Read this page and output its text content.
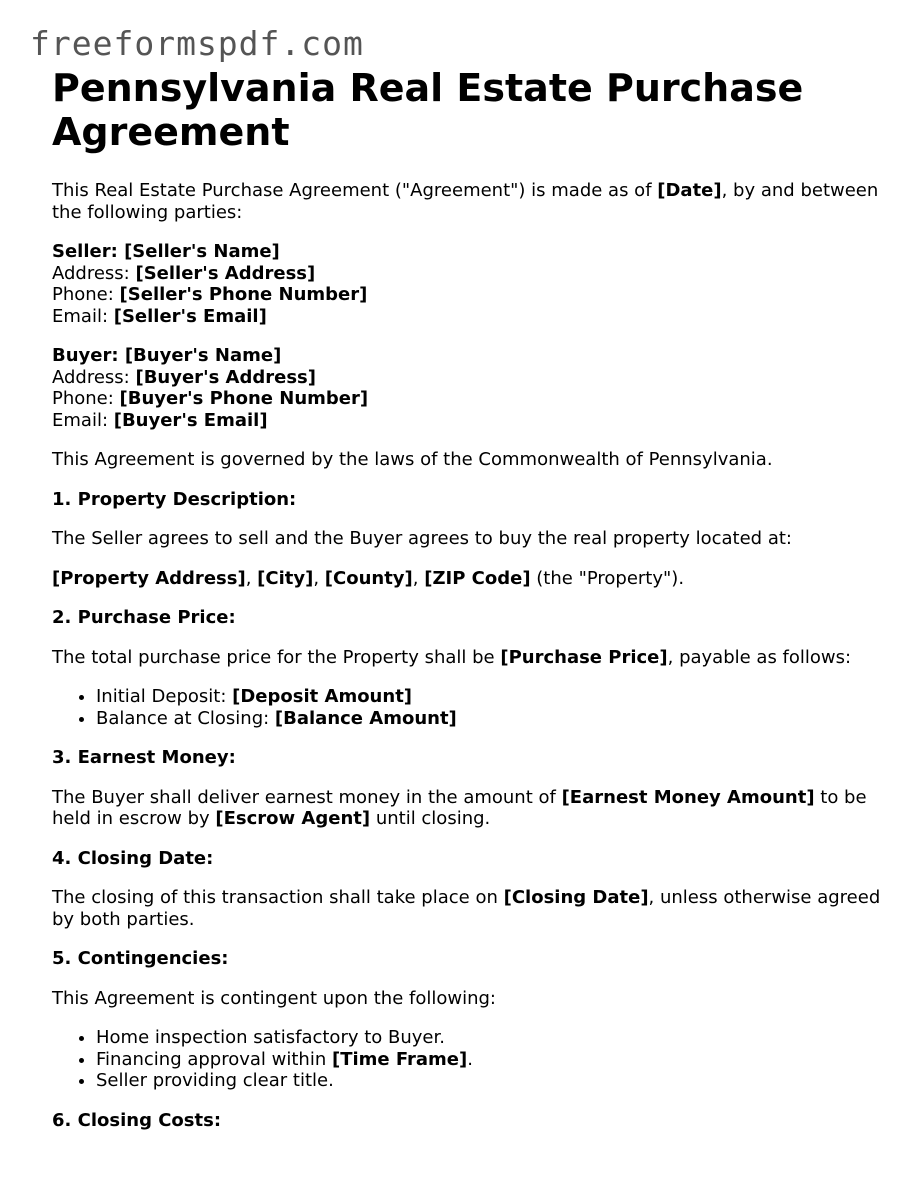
freeformspdf.com
Pennsylvania Real Estate Purchase Agreement

This Real Estate Purchase Agreement ("Agreement") is made as of [Date], by and between the following parties:

Seller: [Seller's Name]
Address: [Seller's Address]
Phone: [Seller's Phone Number]
Email: [Seller's Email]

Buyer: [Buyer's Name]
Address: [Buyer's Address]
Phone: [Buyer's Phone Number]
Email: [Buyer's Email]

This Agreement is governed by the laws of the Commonwealth of Pennsylvania.

1. Property Description:

The Seller agrees to sell and the Buyer agrees to buy the real property located at:

[Property Address], [City], [County], [ZIP Code] (the "Property").

2. Purchase Price:

The total purchase price for the Property shall be [Purchase Price], payable as follows:

• Initial Deposit: [Deposit Amount]
• Balance at Closing: [Balance Amount]
3. Earnest Money:

The Buyer shall deliver earnest money in the amount of [Earnest Money Amount] to be held in escrow by [Escrow Agent] until closing.

4. Closing Date:

The closing of this transaction shall take place on [Closing Date], unless otherwise agreed by both parties.

5. Contingencies:

This Agreement is contingent upon the following:

• Home inspection satisfactory to Buyer.
• Financing approval within [Time Frame].
• Seller providing clear title.
6. Closing Costs:
